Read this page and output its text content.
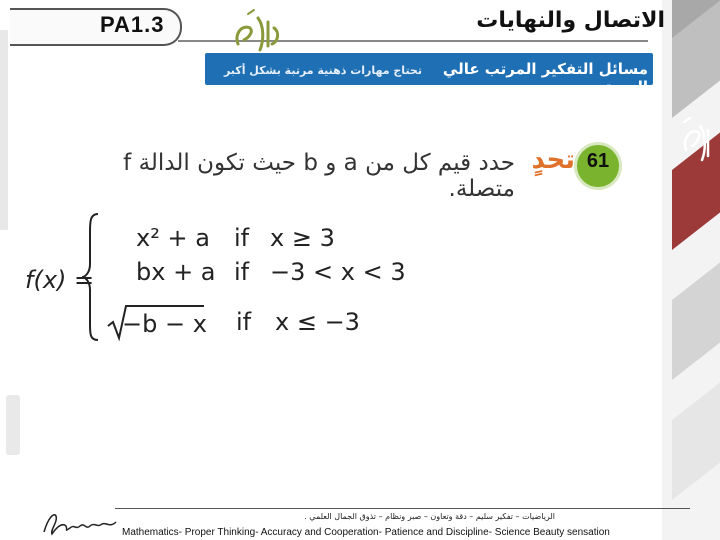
PA1.3	الاتصال والنهايات
مسائل التفكير المرتب عالي المستوى
تحتاج مهارات ذهنية مرتبة بشكل أكبر
61
تحدٍ
حدد قيم كل من a و b حيث تكون الدالة f متصلة.
f(x) =
x² + a if x ≥ 3
bx + a if −3 < x < 3
−b − x if x ≤ −3
الرياضيات – تفكير سليم – دقة وتعاون – صبر ونظام – تذوق الجمال العلمي .
Mathematics- Proper Thinking- Accuracy and Cooperation- Patience and Discipline- Science Beauty sensation
